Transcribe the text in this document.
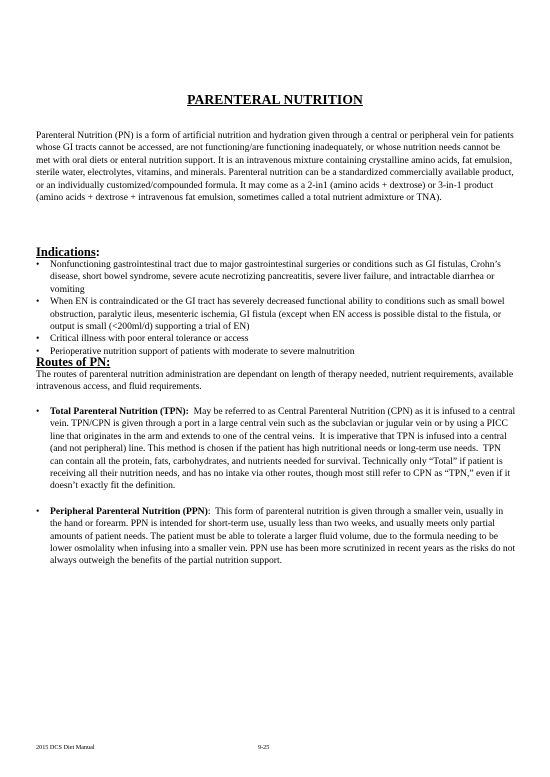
PARENTERAL NUTRITION

Parenteral Nutrition (PN) is a form of artificial nutrition and hydration given through a central or peripheral vein for patients whose GI tracts cannot be accessed, are not functioning/are functioning inadequately, or whose nutrition needs cannot be met with oral diets or enteral nutrition support. It is an intravenous mixture containing crystalline amino acids, fat emulsion, sterile water, electrolytes, vitamins, and minerals. Parenteral nutrition can be a standardized commercially available product, or an individually customized/compounded formula. It may come as a 2-in1 (amino acids + dextrose) or 3-in-1 product (amino acids + dextrose + intravenous fat emulsion, sometimes called a total nutrient admixture or TNA).

Indications:
• Nonfunctioning gastrointestinal tract due to major gastrointestinal surgeries or conditions such as GI fistulas, Crohn’s disease, short bowel syndrome, severe acute necrotizing pancreatitis, severe liver failure, and intractable diarrhea or vomiting
• When EN is contraindicated or the GI tract has severely decreased functional ability to conditions such as small bowel obstruction, paralytic ileus, mesenteric ischemia, GI fistula (except when EN access is possible distal to the fistula, or output is small (<200ml/d) supporting a trial of EN)
• Critical illness with poor enteral tolerance or access
• Perioperative nutrition support of patients with moderate to severe malnutrition
Routes of PN:

The routes of parenteral nutrition administration are dependant on length of therapy needed, nutrient requirements, available intravenous access, and fluid requirements.

• Total Parenteral Nutrition (TPN):  May be referred to as Central Parenteral Nutrition (CPN) as it is infused to a central vein. TPN/CPN is given through a port in a large central vein such as the subclavian or jugular vein or by using a PICC line that originates in the arm and extends to one of the central veins.  It is imperative that TPN is infused into a central (and not peripheral) line. This method is chosen if the patient has high nutritional needs or long-term use needs.  TPN can contain all the protein, fats, carbohydrates, and nutrients needed for survival. Technically only “Total” if patient is receiving all their nutrition needs, and has no intake via other routes, though most still refer to CPN as “TPN,” even if it doesn’t exactly fit the definition.
• Peripheral Parenteral Nutrition (PPN):  This form of parenteral nutrition is given through a smaller vein, usually in the hand or forearm. PPN is intended for short-term use, usually less than two weeks, and usually meets only partial amounts of patient needs. The patient must be able to tolerate a larger fluid volume, due to the formula needing to be lower osmolality when infusing into a smaller vein. PPN use has been more scrutinized in recent years as the risks do not always outweigh the benefits of the partial nutrition support.
2015 DCS Diet Manual	9-25
